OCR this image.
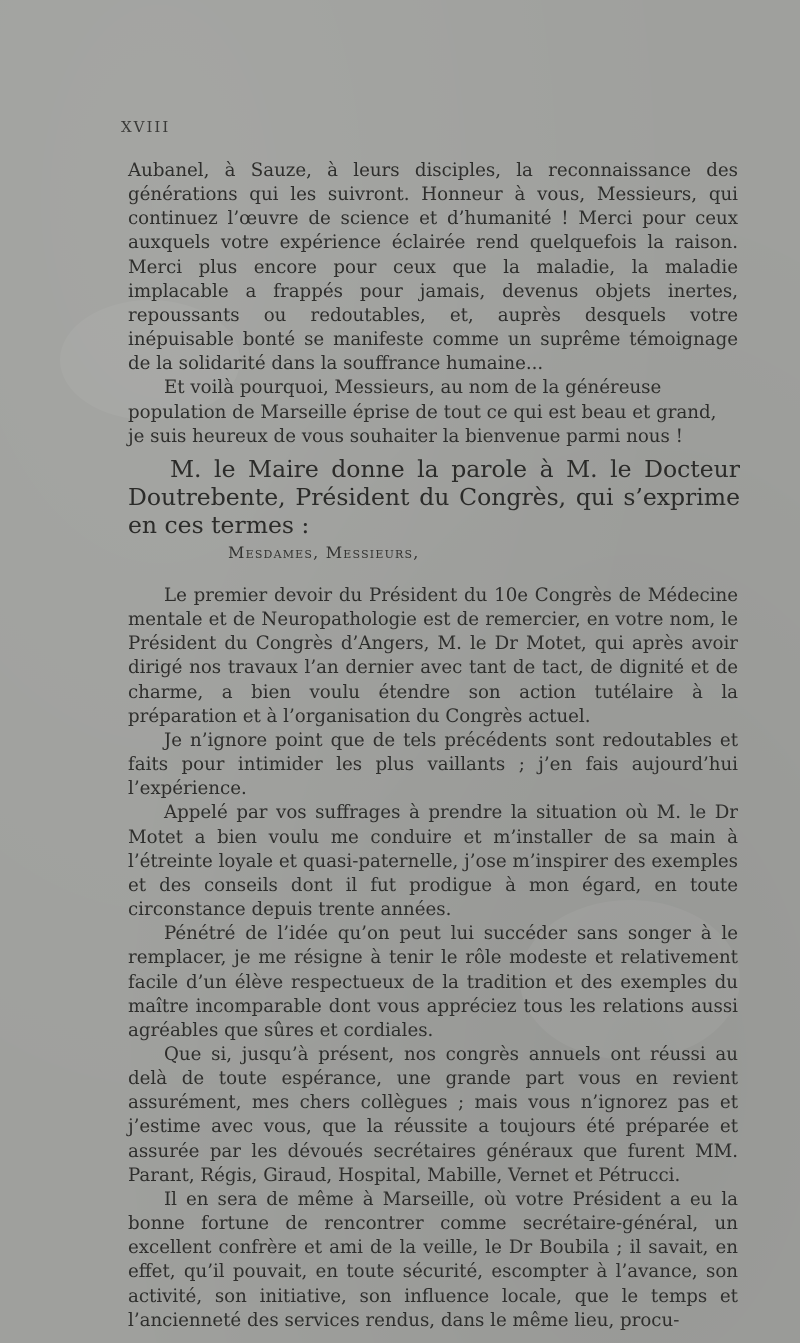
XVIII

Aubanel, à Sauze, à leurs disciples, la reconnaissance des générations qui les suivront. Honneur à vous, Messieurs, qui continuez l’œuvre de science et d’humanité ! Merci pour ceux auxquels votre expérience éclairée rend quelquefois la raison. Merci plus encore pour ceux que la maladie, la maladie implacable a frappés pour jamais, devenus objets inertes, repoussants ou redoutables, et, auprès desquels votre inépuisable bonté se manifeste comme un suprême témoignage de la solidarité dans la souffrance humaine...

Et voilà pourquoi, Messieurs, au nom de la généreuse population de Marseille éprise de tout ce qui est beau et grand, je suis heureux de vous souhaiter la bienvenue parmi nous !

M. le Maire donne la parole à M. le Docteur Doutrebente, Président du Congrès, qui s’exprime en ces termes :
Mesdames, Messieurs,

Le premier devoir du Président du 10e Congrès de Médecine mentale et de Neuropathologie est de remercier, en votre nom, le Président du Congrès d’Angers, M. le Dr Motet, qui après avoir dirigé nos travaux l’an dernier avec tant de tact, de dignité et de charme, a bien voulu étendre son action tutélaire à la préparation et à l’organisation du Congrès actuel.

Je n’ignore point que de tels précédents sont redoutables et faits pour intimider les plus vaillants ; j’en fais aujourd’hui l’expérience.

Appelé par vos suffrages à prendre la situation où M. le Dr Motet a bien voulu me conduire et m’installer de sa main à l’étreinte loyale et quasi-paternelle, j’ose m’inspirer des exemples et des conseils dont il fut prodigue à mon égard, en toute circonstance depuis trente années.

Pénétré de l’idée qu’on peut lui succéder sans songer à le remplacer, je me résigne à tenir le rôle modeste et relativement facile d’un élève respectueux de la tradition et des exemples du maître incomparable dont vous appréciez tous les relations aussi agréables que sûres et cordiales.

Que si, jusqu’à présent, nos congrès annuels ont réussi au delà de toute espérance, une grande part vous en revient assurément, mes chers collègues ; mais vous n’ignorez pas et j’estime avec vous, que la réussite a toujours été préparée et assurée par les dévoués secrétaires généraux que furent MM. Parant, Régis, Giraud, Hospital, Mabille, Vernet et Pétrucci.

Il en sera de même à Marseille, où votre Président a eu la bonne fortune de rencontrer comme secrétaire-général, un excellent confrère et ami de la veille, le Dr Boubila ; il savait, en effet, qu’il pouvait, en toute sécurité, escompter à l’avance, son activité, son initiative, son influence locale, que le temps et l’ancienneté des services rendus, dans le même lieu, procu-
